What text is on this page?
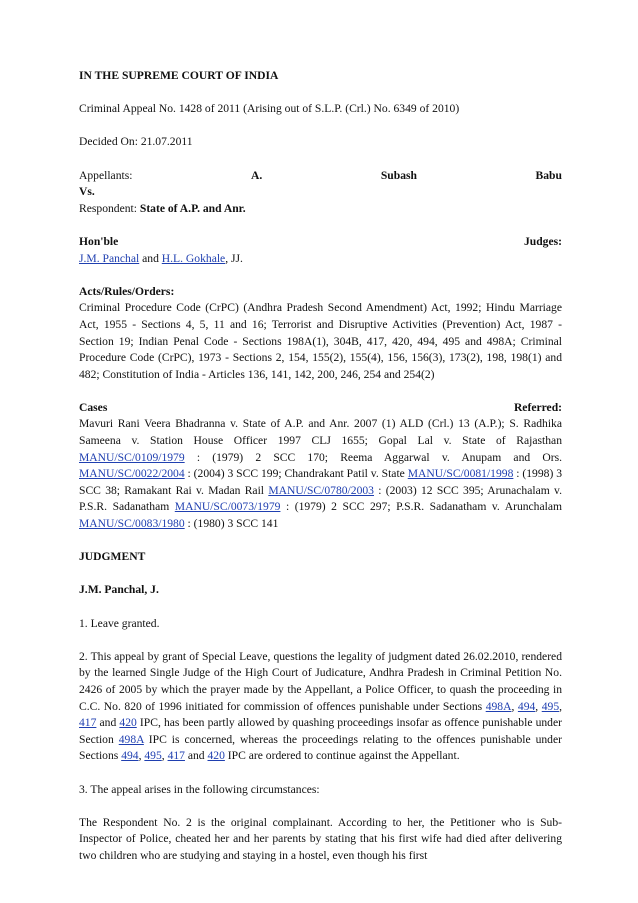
IN THE SUPREME COURT OF INDIA

Criminal Appeal No. 1428 of 2011 (Arising out of S.L.P. (Crl.) No. 6349 of 2010)

Decided On: 21.07.2011

Appellants:	A.	Subash	Babu
Vs.

Respondent: State of A.P. and Anr.

Hon'ble	Judges:

J.M. Panchal and H.L. Gokhale, JJ.

Acts/Rules/Orders:

Criminal Procedure Code (CrPC) (Andhra Pradesh Second Amendment) Act, 1992; Hindu Marriage Act, 1955 - Sections 4, 5, 11 and 16; Terrorist and Disruptive Activities (Prevention) Act, 1987 - Section 19; Indian Penal Code - Sections 198A(1), 304B, 417, 420, 494, 495 and 498A; Criminal Procedure Code (CrPC), 1973 - Sections 2, 154, 155(2), 155(4), 156, 156(3), 173(2), 198, 198(1) and 482; Constitution of India - Articles 136, 141, 142, 200, 246, 254 and 254(2)

Cases	Referred:

Mavuri Rani Veera Bhadranna v. State of A.P. and Anr. 2007 (1) ALD (Crl.) 13 (A.P.); S. Radhika Sameena v. Station House Officer 1997 CLJ 1655; Gopal Lal v. State of Rajasthan MANU/SC/0109/1979 : (1979) 2 SCC 170; Reema Aggarwal v. Anupam and Ors. MANU/SC/0022/2004 : (2004) 3 SCC 199; Chandrakant Patil v. State MANU/SC/0081/1998 : (1998) 3 SCC 38; Ramakant Rai v. Madan Rail MANU/SC/0780/2003 : (2003) 12 SCC 395; Arunachalam v. P.S.R. Sadanatham MANU/SC/0073/1979 : (1979) 2 SCC 297; P.S.R. Sadanatham v. Arunchalam MANU/SC/0083/1980 : (1980) 3 SCC 141

JUDGMENT

J.M. Panchal, J.

1. Leave granted.

2. This appeal by grant of Special Leave, questions the legality of judgment dated 26.02.2010, rendered by the learned Single Judge of the High Court of Judicature, Andhra Pradesh in Criminal Petition No. 2426 of 2005 by which the prayer made by the Appellant, a Police Officer, to quash the proceeding in C.C. No. 820 of 1996 initiated for commission of offences punishable under Sections 498A, 494, 495, 417 and 420 IPC, has been partly allowed by quashing proceedings insofar as offence punishable under Section 498A IPC is concerned, whereas the proceedings relating to the offences punishable under Sections 494, 495, 417 and 420 IPC are ordered to continue against the Appellant.

3. The appeal arises in the following circumstances:

The Respondent No. 2 is the original complainant. According to her, the Petitioner who is Sub-Inspector of Police, cheated her and her parents by stating that his first wife had died after delivering two children who are studying and staying in a hostel, even though his first
